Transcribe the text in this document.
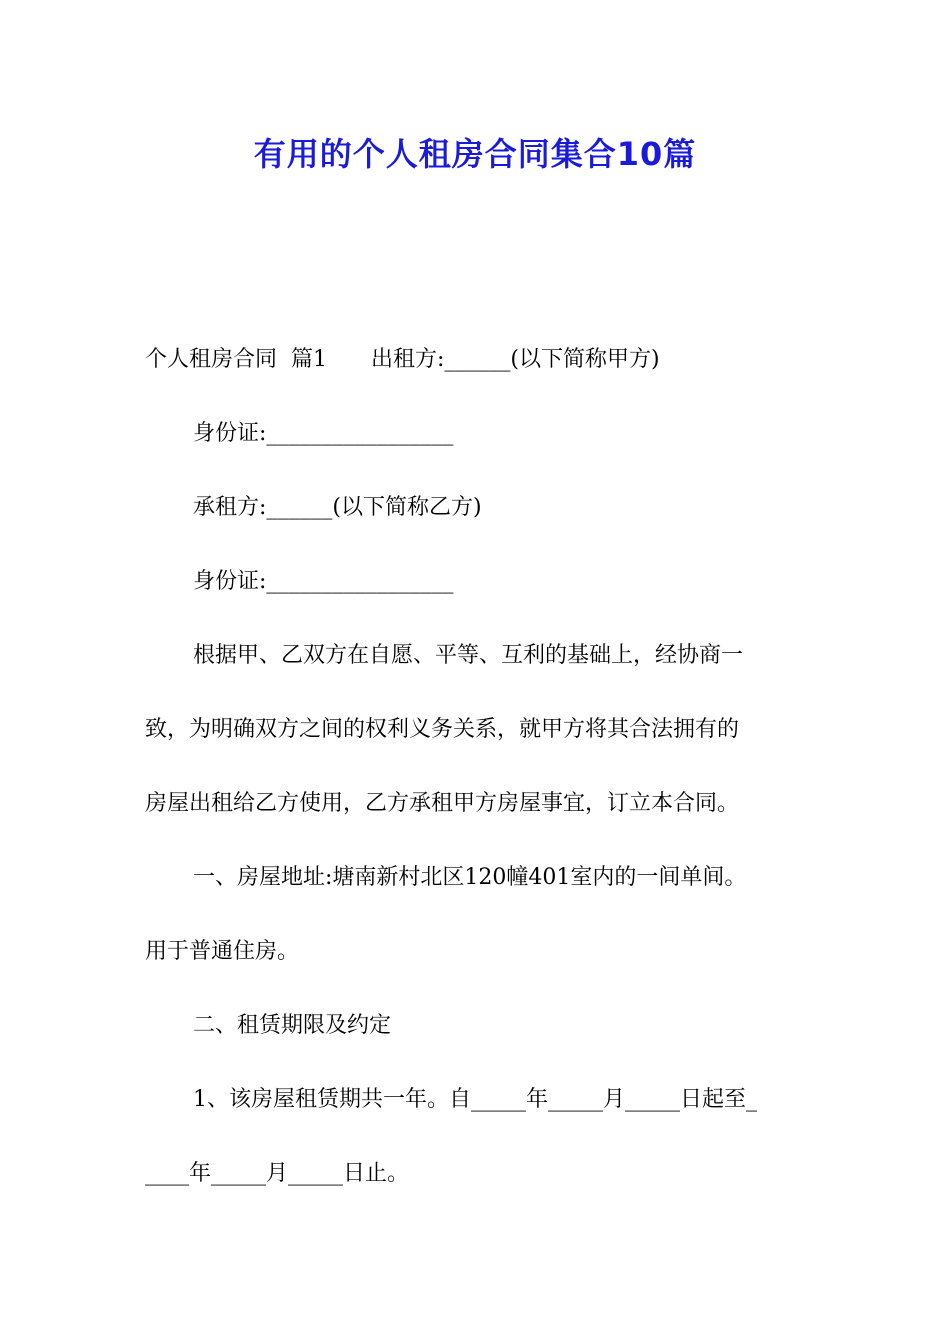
有用的个人租房合同集合10篇
个人租房合同  篇1 出租方:______(以下简称甲方)
身份证:_________________
承租方:______(以下简称乙方)
身份证:_________________
根据甲、乙双方在自愿、平等、互利的基础上，经协商一
致，为明确双方之间的权利义务关系，就甲方将其合法拥有的
房屋出租给乙方使用，乙方承租甲方房屋事宜，订立本合同。
一、房屋地址:塘南新村北区120幢401室内的一间单间。
用于普通住房。
二、租赁期限及约定
1、该房屋租赁期共一年。自_____年_____月_____日起至_
____年_____月_____日止。
